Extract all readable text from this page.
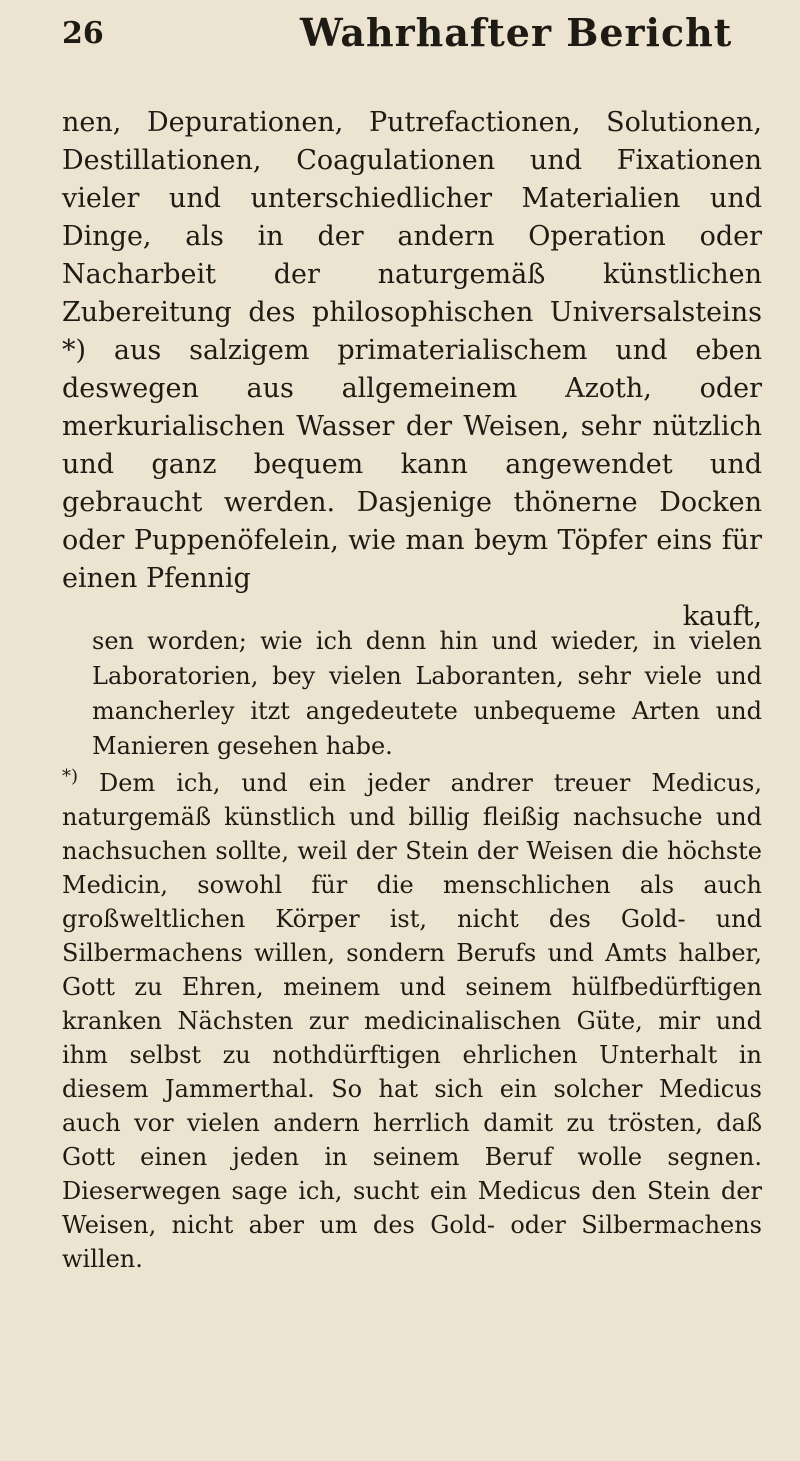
26	Wahrhafter Bericht

nen, Depurationen, Putrefactionen, Solutionen, Destillationen, Coagulationen und Fixationen vieler und unterschiedlicher Materialien und Dinge, als in der andern Operation oder Nacharbeit der naturgemäß künstlichen Zubereitung des philosophischen Universalsteins *) aus salzigem primaterialischem und eben deswegen aus allgemeinem Azoth, oder merkurialischen Wasser der Weisen, sehr nützlich und ganz bequem kann angewendet und gebraucht werden. Dasjenige thönerne Docken oder Puppenöfelein, wie man beym Töpfer eins für einen Pfennig

kauft,

sen worden; wie ich denn hin und wieder, in vielen Laboratorien, bey vielen Laboranten, sehr viele und mancherley itzt angedeutete unbequeme Arten und Manieren gesehen habe.

*) Dem ich, und ein jeder andrer treuer Medicus, naturgemäß künstlich und billig fleißig nachsuche und nachsuchen sollte, weil der Stein der Weisen die höchste Medicin, sowohl für die menschlichen als auch großweltlichen Körper ist, nicht des Gold- und Silbermachens willen, sondern Berufs und Amts halber, Gott zu Ehren, meinem und seinem hülfbedürftigen kranken Nächsten zur medicinalischen Güte, mir und ihm selbst zu nothdürftigen ehrlichen Unterhalt in diesem Jammerthal. So hat sich ein solcher Medicus auch vor vielen andern herrlich damit zu trösten, daß Gott einen jeden in seinem Beruf wolle segnen. Dieserwegen sage ich, sucht ein Medicus den Stein der Weisen, nicht aber um des Gold- oder Silbermachens willen.
